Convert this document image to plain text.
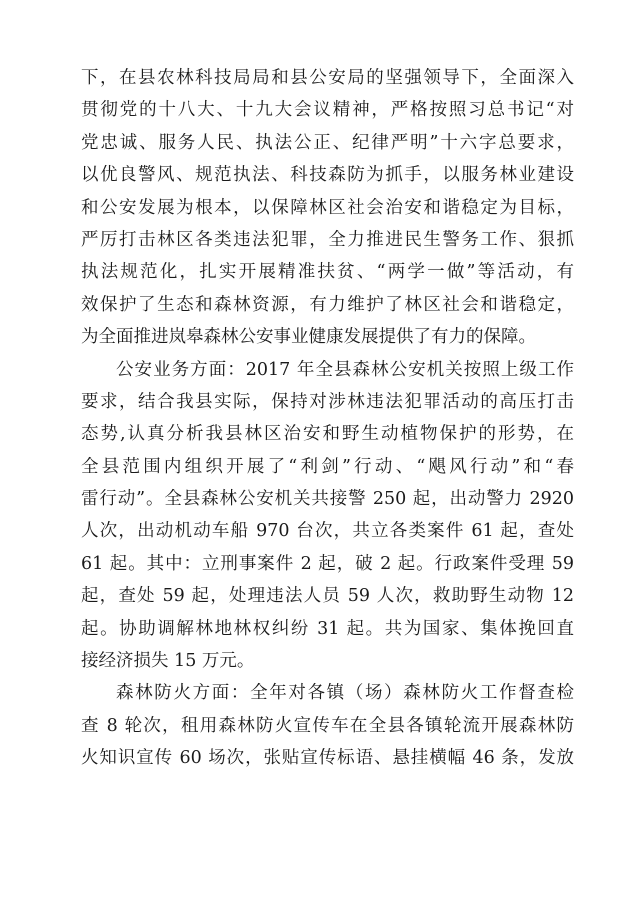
下，在县农林科技局局和县公安局的坚强领导下，全面深入
贯彻党的十八大、十九大会议精神，严格按照习总书记“对
党忠诚、服务人民、执法公正、纪律严明”十六字总要求，
以优良警风、规范执法、科技森防为抓手，以服务林业建设
和公安发展为根本，以保障林区社会治安和谐稳定为目标，
严厉打击林区各类违法犯罪，全力推进民生警务工作、狠抓
执法规范化，扎实开展精准扶贫、“两学一做”等活动，有
效保护了生态和森林资源，有力维护了林区社会和谐稳定，
为全面推进岚皋森林公安事业健康发展提供了有力的保障。
公安业务方面：2017 年全县森林公安机关按照上级工作
要求，结合我县实际，保持对涉林违法犯罪活动的高压打击
态势,认真分析我县林区治安和野生动植物保护的形势，在
全县范围内组织开展了“利剑”行动、“飓风行动”和“春
雷行动”。全县森林公安机关共接警 250 起，出动警力 2920
人次，出动机动车船 970 台次，共立各类案件 61 起，查处
61 起。其中：立刑事案件 2 起，破 2 起。行政案件受理 59
起，查处 59 起，处理违法人员 59 人次，救助野生动物 12
起。协助调解林地林权纠纷 31 起。共为国家、集体挽回直
接经济损失 15 万元。
森林防火方面：全年对各镇（场）森林防火工作督查检
查 8 轮次，租用森林防火宣传车在全县各镇轮流开展森林防
火知识宣传 60 场次，张贴宣传标语、悬挂横幅 46 条，发放
